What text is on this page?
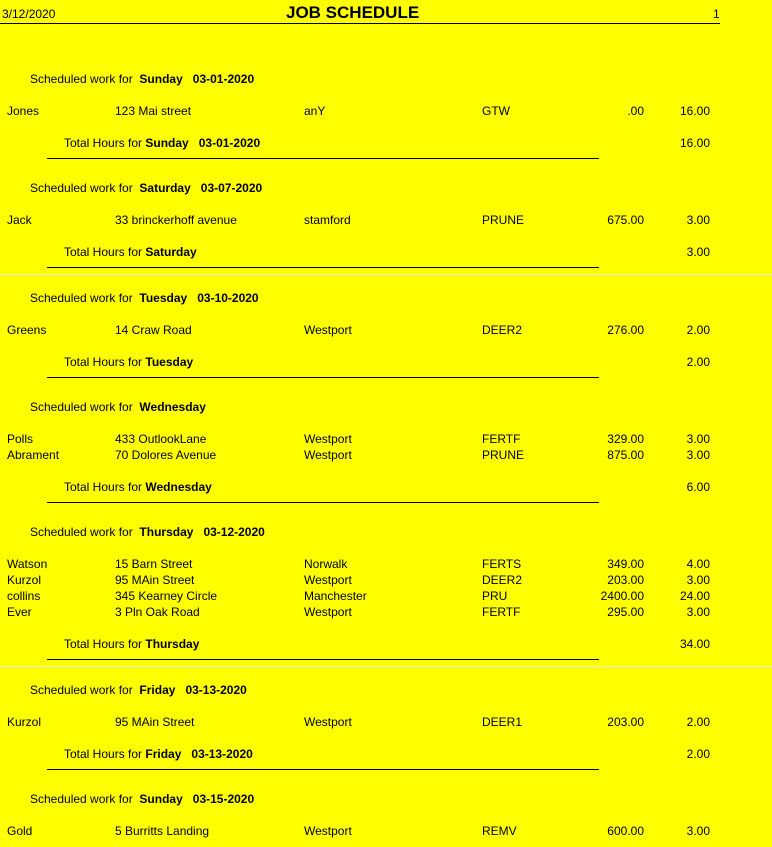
3/12/2020	JOB SCHEDULE	1
Scheduled work for Sunday 03-01-2020
Jones	123 Mai street	anY	GTW	.00	16.00
Total Hours for Sunday 03-01-2020	16.00
Scheduled work for Saturday 03-07-2020
Jack	33 brinckerhoff avenue	stamford	PRUNE	675.00	3.00
Total Hours for Saturday	3.00
Scheduled work for Tuesday 03-10-2020
Greens	14 Craw Road	Westport	DEER2	276.00	2.00
Total Hours for Tuesday	2.00
Scheduled work for Wednesday
Polls	433 OutlookLane	Westport	FERTF	329.00	3.00
Abrament	70 Dolores Avenue	Westport	PRUNE	875.00	3.00
Total Hours for Wednesday	6.00
Scheduled work for Thursday 03-12-2020
Watson	15 Barn Street	Norwalk	FERTS	349.00	4.00
Kurzol	95 MAin Street	Westport	DEER2	203.00	3.00
collins	345 Kearney Circle	Manchester	PRU	2400.00	24.00
Ever	3 Pln Oak Road	Westport	FERTF	295.00	3.00
Total Hours for Thursday	34.00
Scheduled work for Friday 03-13-2020
Kurzol	95 MAin Street	Westport	DEER1	203.00	2.00
Total Hours for Friday 03-13-2020	2.00
Scheduled work for Sunday 03-15-2020
Gold	5 Burritts Landing	Westport	REMV	600.00	3.00
